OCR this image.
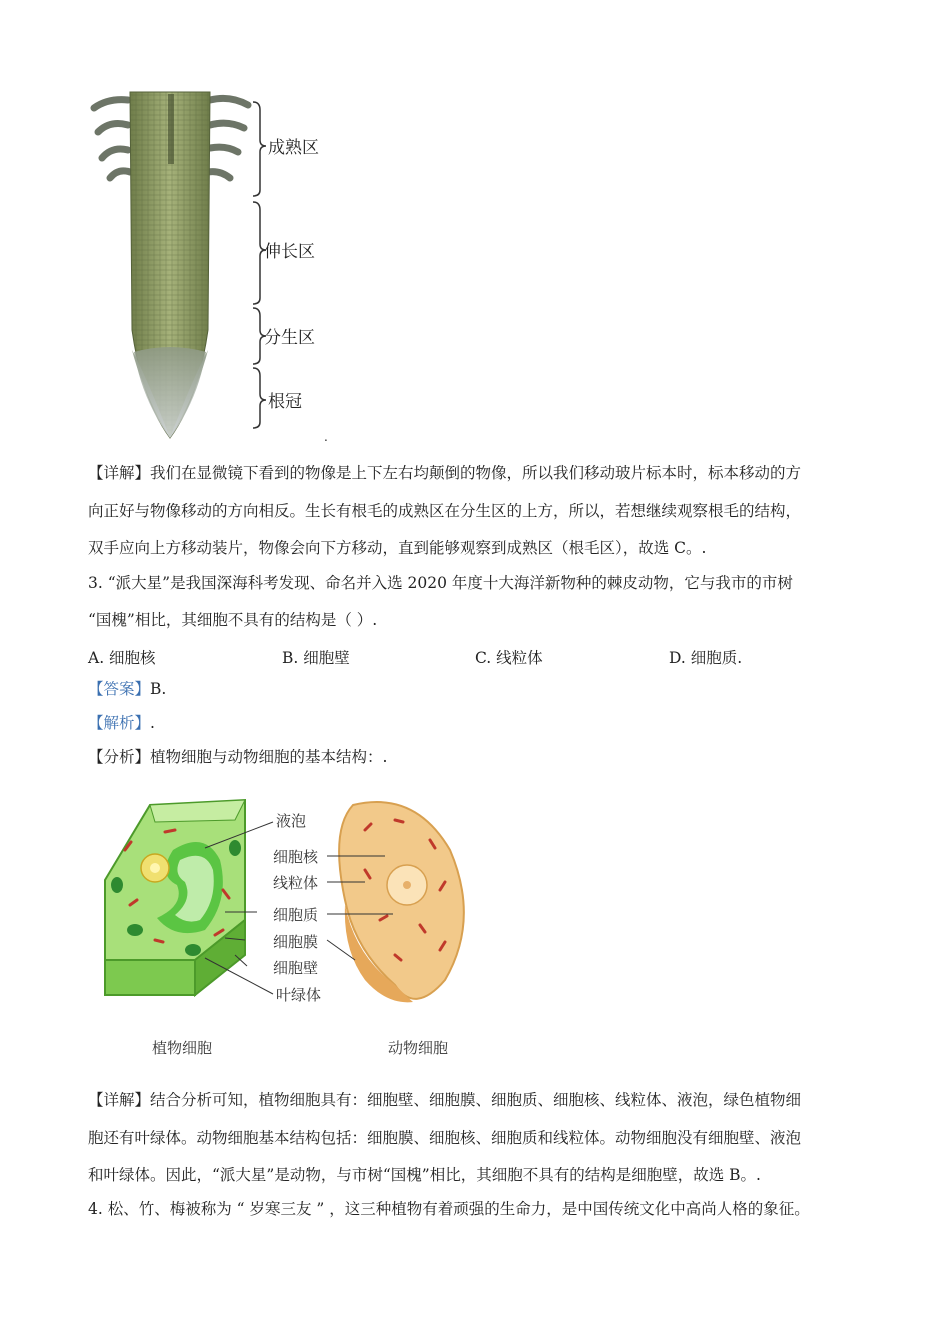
成熟区
伸长区
分生区
根冠
.
【详解】我们在显微镜下看到的物像是上下左右均颠倒的物像，所以我们移动玻片标本时，标本移动的方
向正好与物像移动的方向相反。生长有根毛的成熟区在分生区的上方，所以，若想继续观察根毛的结构，
双手应向上方移动装片，物像会向下方移动，直到能够观察到成熟区（根毛区），故选 C。.
3. “派大星”是我国深海科考发现、命名并入选 2020 年度十大海洋新物种的棘皮动物，它与我市的市树
“国槐”相比，其细胞不具有的结构是（ ）.
A. 细胞核	B. 细胞壁	C. 线粒体	D. 细胞质.
【答案】B.
【解析】.
【分析】植物细胞与动物细胞的基本结构：.
液泡
细胞核
线粒体
细胞质
细胞膜
细胞壁
叶绿体
植物细胞	动物细胞
【详解】结合分析可知，植物细胞具有：细胞壁、细胞膜、细胞质、细胞核、线粒体、液泡，绿色植物细
胞还有叶绿体。动物细胞基本结构包括：细胞膜、细胞核、细胞质和线粒体。动物细胞没有细胞壁、液泡
和叶绿体。因此，“派大星”是动物，与市树“国槐”相比，其细胞不具有的结构是细胞壁，故选 B。.
4. 松、竹、梅被称为 “ 岁寒三友 ” ，这三种植物有着顽强的生命力，是中国传统文化中高尚人格的象征。
